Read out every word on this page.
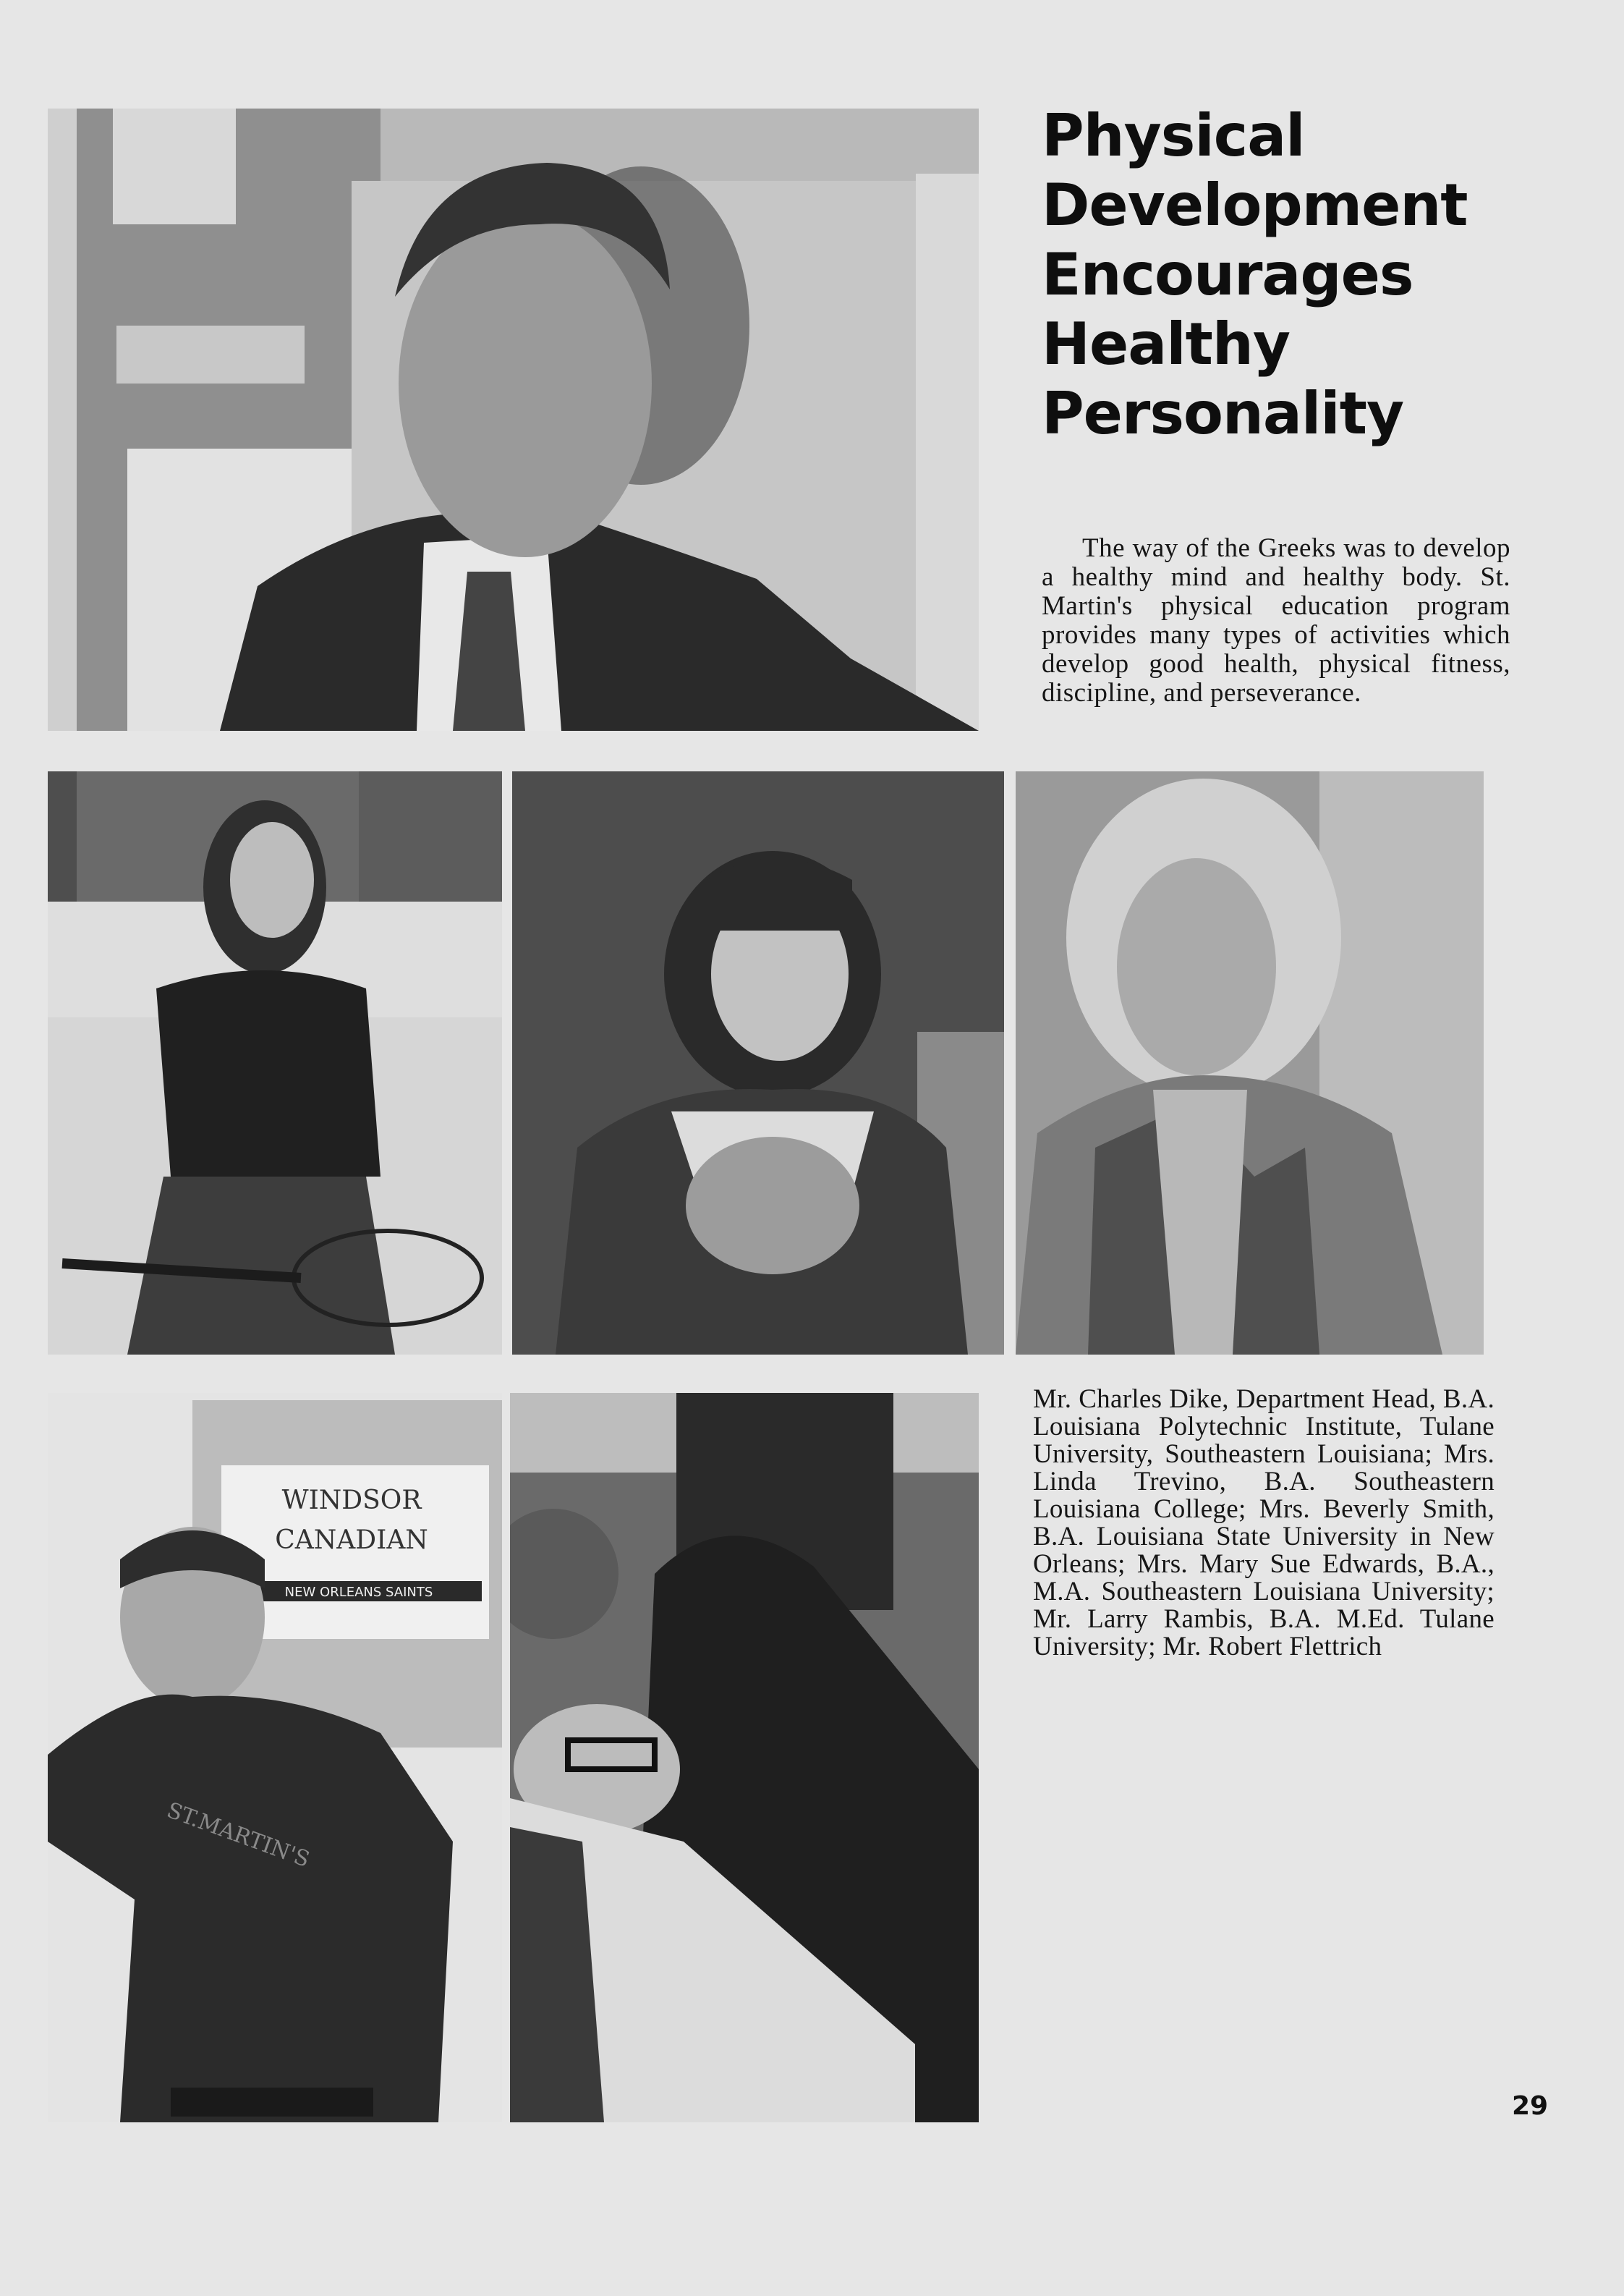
Physical
Development
Encourages
Healthy
Personality

The way of the Greeks was to develop a healthy mind and healthy body. St. Martin's physical education program provides many types of activities which develop good health, physical fitness, discipline, and perseverance.

WINDSOR
CANADIAN
NEW ORLEANS SAINTS
ST.MARTIN'S

Mr. Charles Dike, Department Head, B.A. Louisiana Polytechnic Institute, Tulane University, Southeastern Louisiana; Mrs. Linda Trevino, B.A. Southeastern Louisiana College; Mrs. Beverly Smith, B.A. Louisiana State University in New Orleans; Mrs. Mary Sue Edwards, B.A., M.A. Southeastern Louisiana University; Mr. Larry Rambis, B.A. M.Ed. Tulane University; Mr. Robert Flettrich

29
